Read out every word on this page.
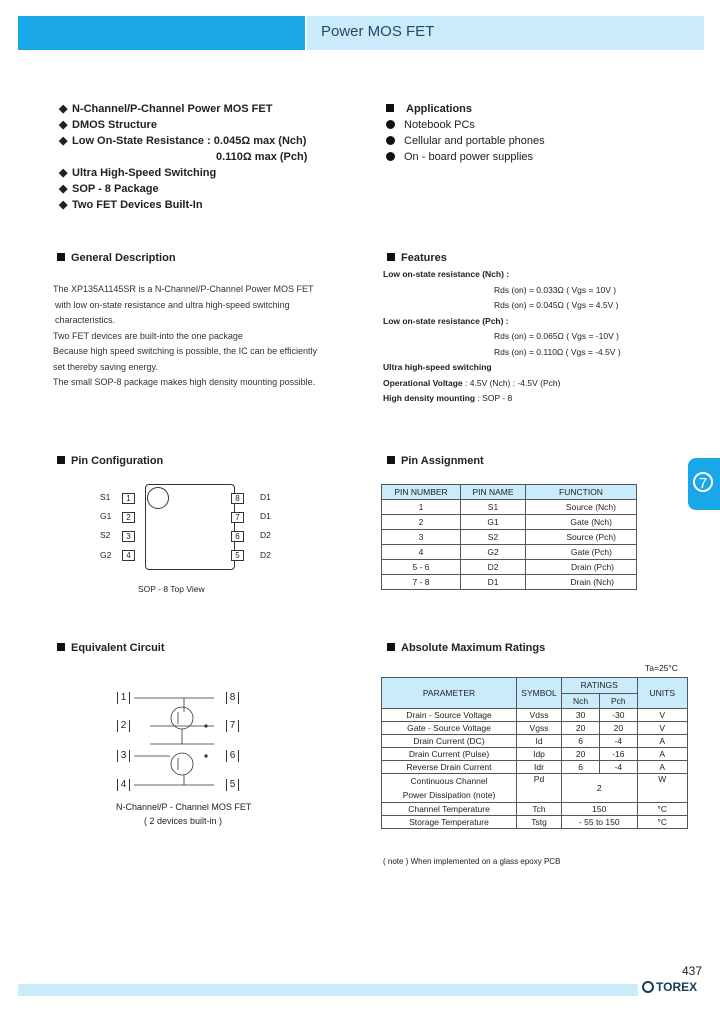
Power MOS FET
◆ N-Channel/P-Channel Power MOS FET
◆ DMOS Structure
◆ Low On-State Resistance : 0.045Ω max (Nch)
0.110Ω max (Pch)
◆ Ultra High-Speed Switching
◆ SOP - 8 Package
◆ Two FET Devices Built-In
Applications
Notebook PCs
Cellular and portable phones
On - board power supplies
General Description
The XP135A1145SR is a N-Channel/P-Channel Power MOS FET
with low on-state resistance and ultra high-speed switching
characteristics.
Two FET devices are built-into the one package
Because high speed switching is possible, the IC can be efficiently
set thereby saving energy.
The small SOP-8 package makes high density mounting possible.
Features
Low on-state resistance (Nch) :
Rds (on) = 0.033Ω ( Vgs = 10V )
Rds (on) = 0.045Ω ( Vgs = 4.5V )
Low on-state resistance (Pch) :
Rds (on) = 0.065Ω ( Vgs = -10V )
Rds (on) = 0.110Ω ( Vgs = -4.5V )
Ultra high-speed switching
Operational Voltage : 4.5V (Nch) : -4.5V (Pch)
High density mounting : SOP - 8
Pin Configuration
S1
G1
S2
G2
1
2
3
4
8
7
6
5
D1
D1
D2
D2
SOP - 8 Top View
Pin Assignment
PIN NUMBER	PIN NAME	FUNCTION
1	S1	Source (Nch)
2	G1	Gate (Nch)
3	S2	Source (Pch)
4	G2	Gate (Pch)
5 - 6	D2	Drain (Pch)
7 - 8	D1	Drain (Nch)
7
Equivalent Circuit
1
2
3
4
8
7
6
5
N-Channel/P - Channel MOS FET
( 2 devices built-in )
Absolute Maximum Ratings
Ta=25°C
PARAMETER	SYMBOL	RATINGS		UNITS
		Nch	Pch	
Drain - Source Voltage	Vdss	30	-30	V
Gate - Source Voltage	Vgss	20	20	V
Drain Current (DC)	Id	6	-4	A
Drain Current (Pulse)	Idp	20	-16	A
Reverse Drain Current	Idr	6	-4	A

Continuous Channel
Power Dissipation (note)	Pd	2		W
Channel Temperature	Tch	150		°C
Storage Temperature	Tstg	- 55 to 150		°C
( note ) When implemented on a glass epoxy PCB
437
TOREX
